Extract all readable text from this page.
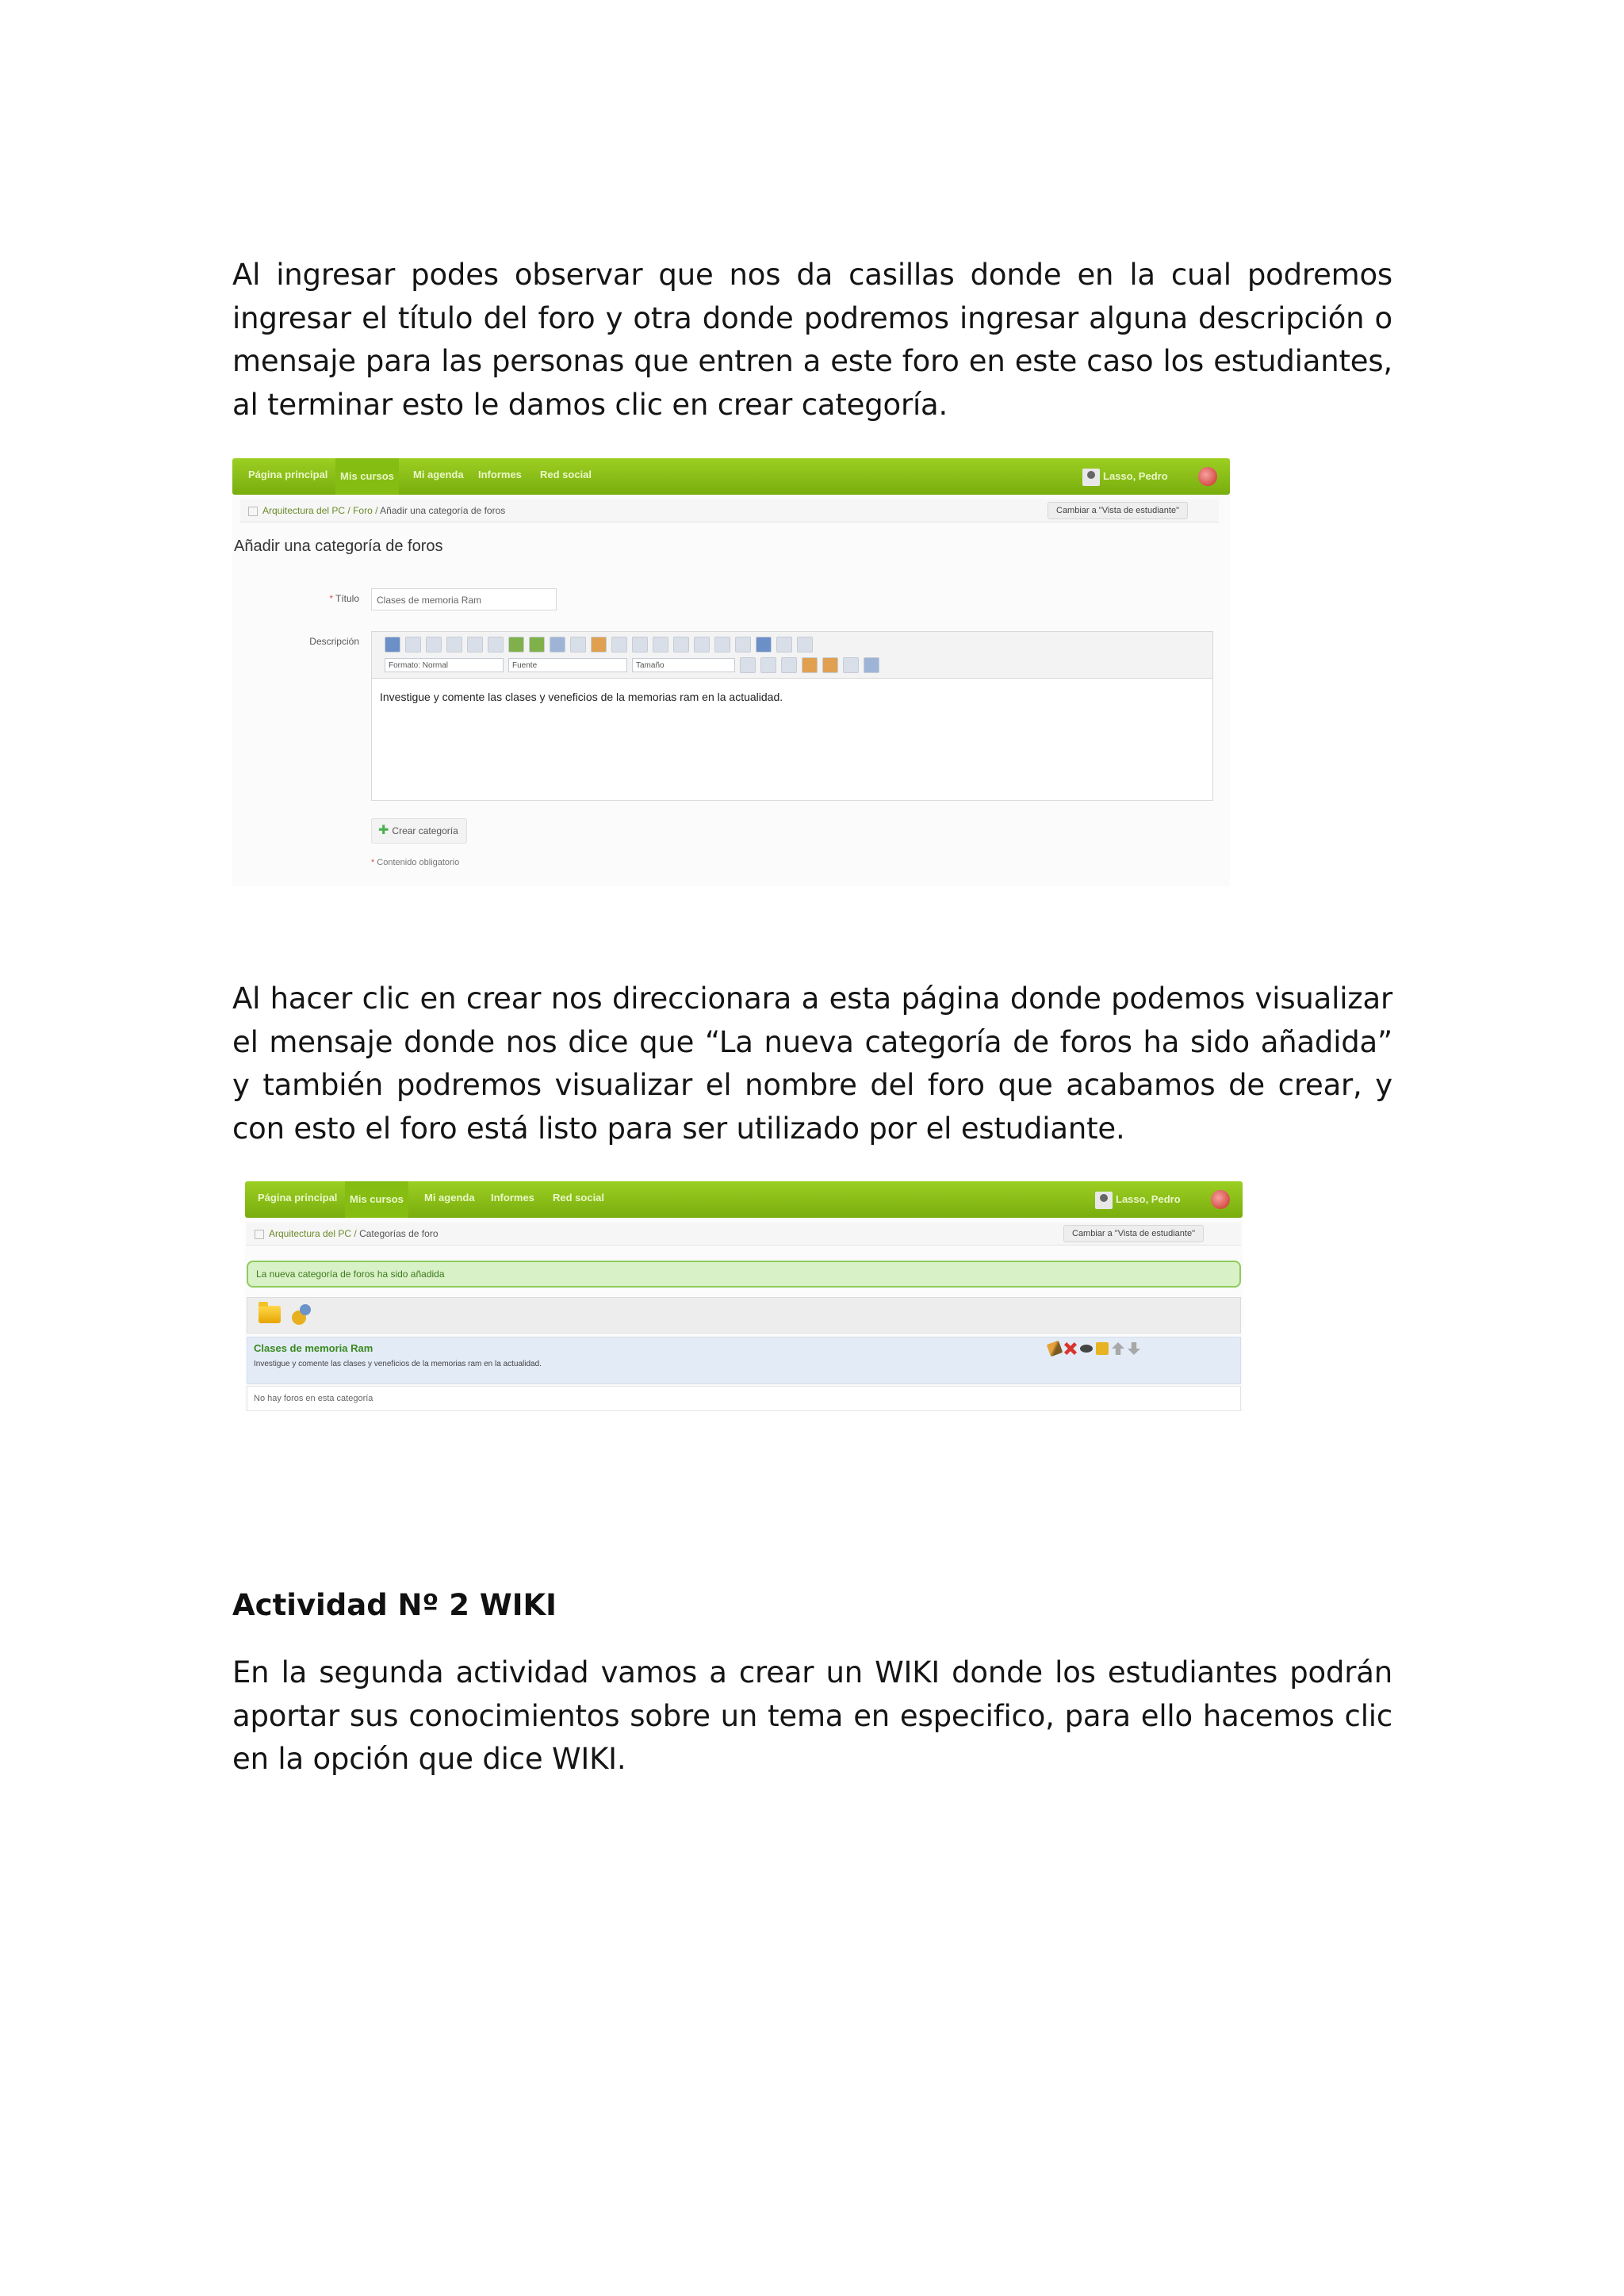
Al ingresar podes observar que nos da casillas donde en la cual podremos ingresar el título del foro y otra donde podremos ingresar alguna descripción o mensaje para las personas que entren a este foro en este caso los estudiantes, al terminar esto le damos clic en crear categoría.

Página principal	Mis cursos	Mi agenda Informes Red social	Lasso, Pedro
Arquitectura del PC / Foro / Añadir una categoría de foros	Cambiar a "Vista de estudiante"
Añadir una categoría de foros
* Título	Clases de memoria Ram
Descripción
Formato: Normal	Fuente	Tamaño
Investigue y comente las clases y veneficios de la memorias ram en la actualidad.
✚ Crear categoría
* Contenido obligatorio

Al hacer clic en crear nos direccionara a esta página donde podemos visualizar el mensaje donde nos dice que “La nueva categoría de foros ha sido añadida” y también podremos visualizar el nombre del foro que acabamos de crear, y con esto el foro está listo para ser utilizado por el estudiante.

Página principal	Mis cursos	Mi agenda Informes Red social	Lasso, Pedro
Arquitectura del PC / Categorías de foro	Cambiar a "Vista de estudiante"
La nueva categoría de foros ha sido añadida
Clases de memoria Ram
Investigue y comente las clases y veneficios de la memorias ram en la actualidad.
No hay foros en esta categoría
Actividad Nº 2 WIKI

En la segunda actividad vamos a crear un WIKI donde los estudiantes podrán aportar sus conocimientos sobre un tema en especifico, para ello hacemos clic en la opción que dice WIKI.
